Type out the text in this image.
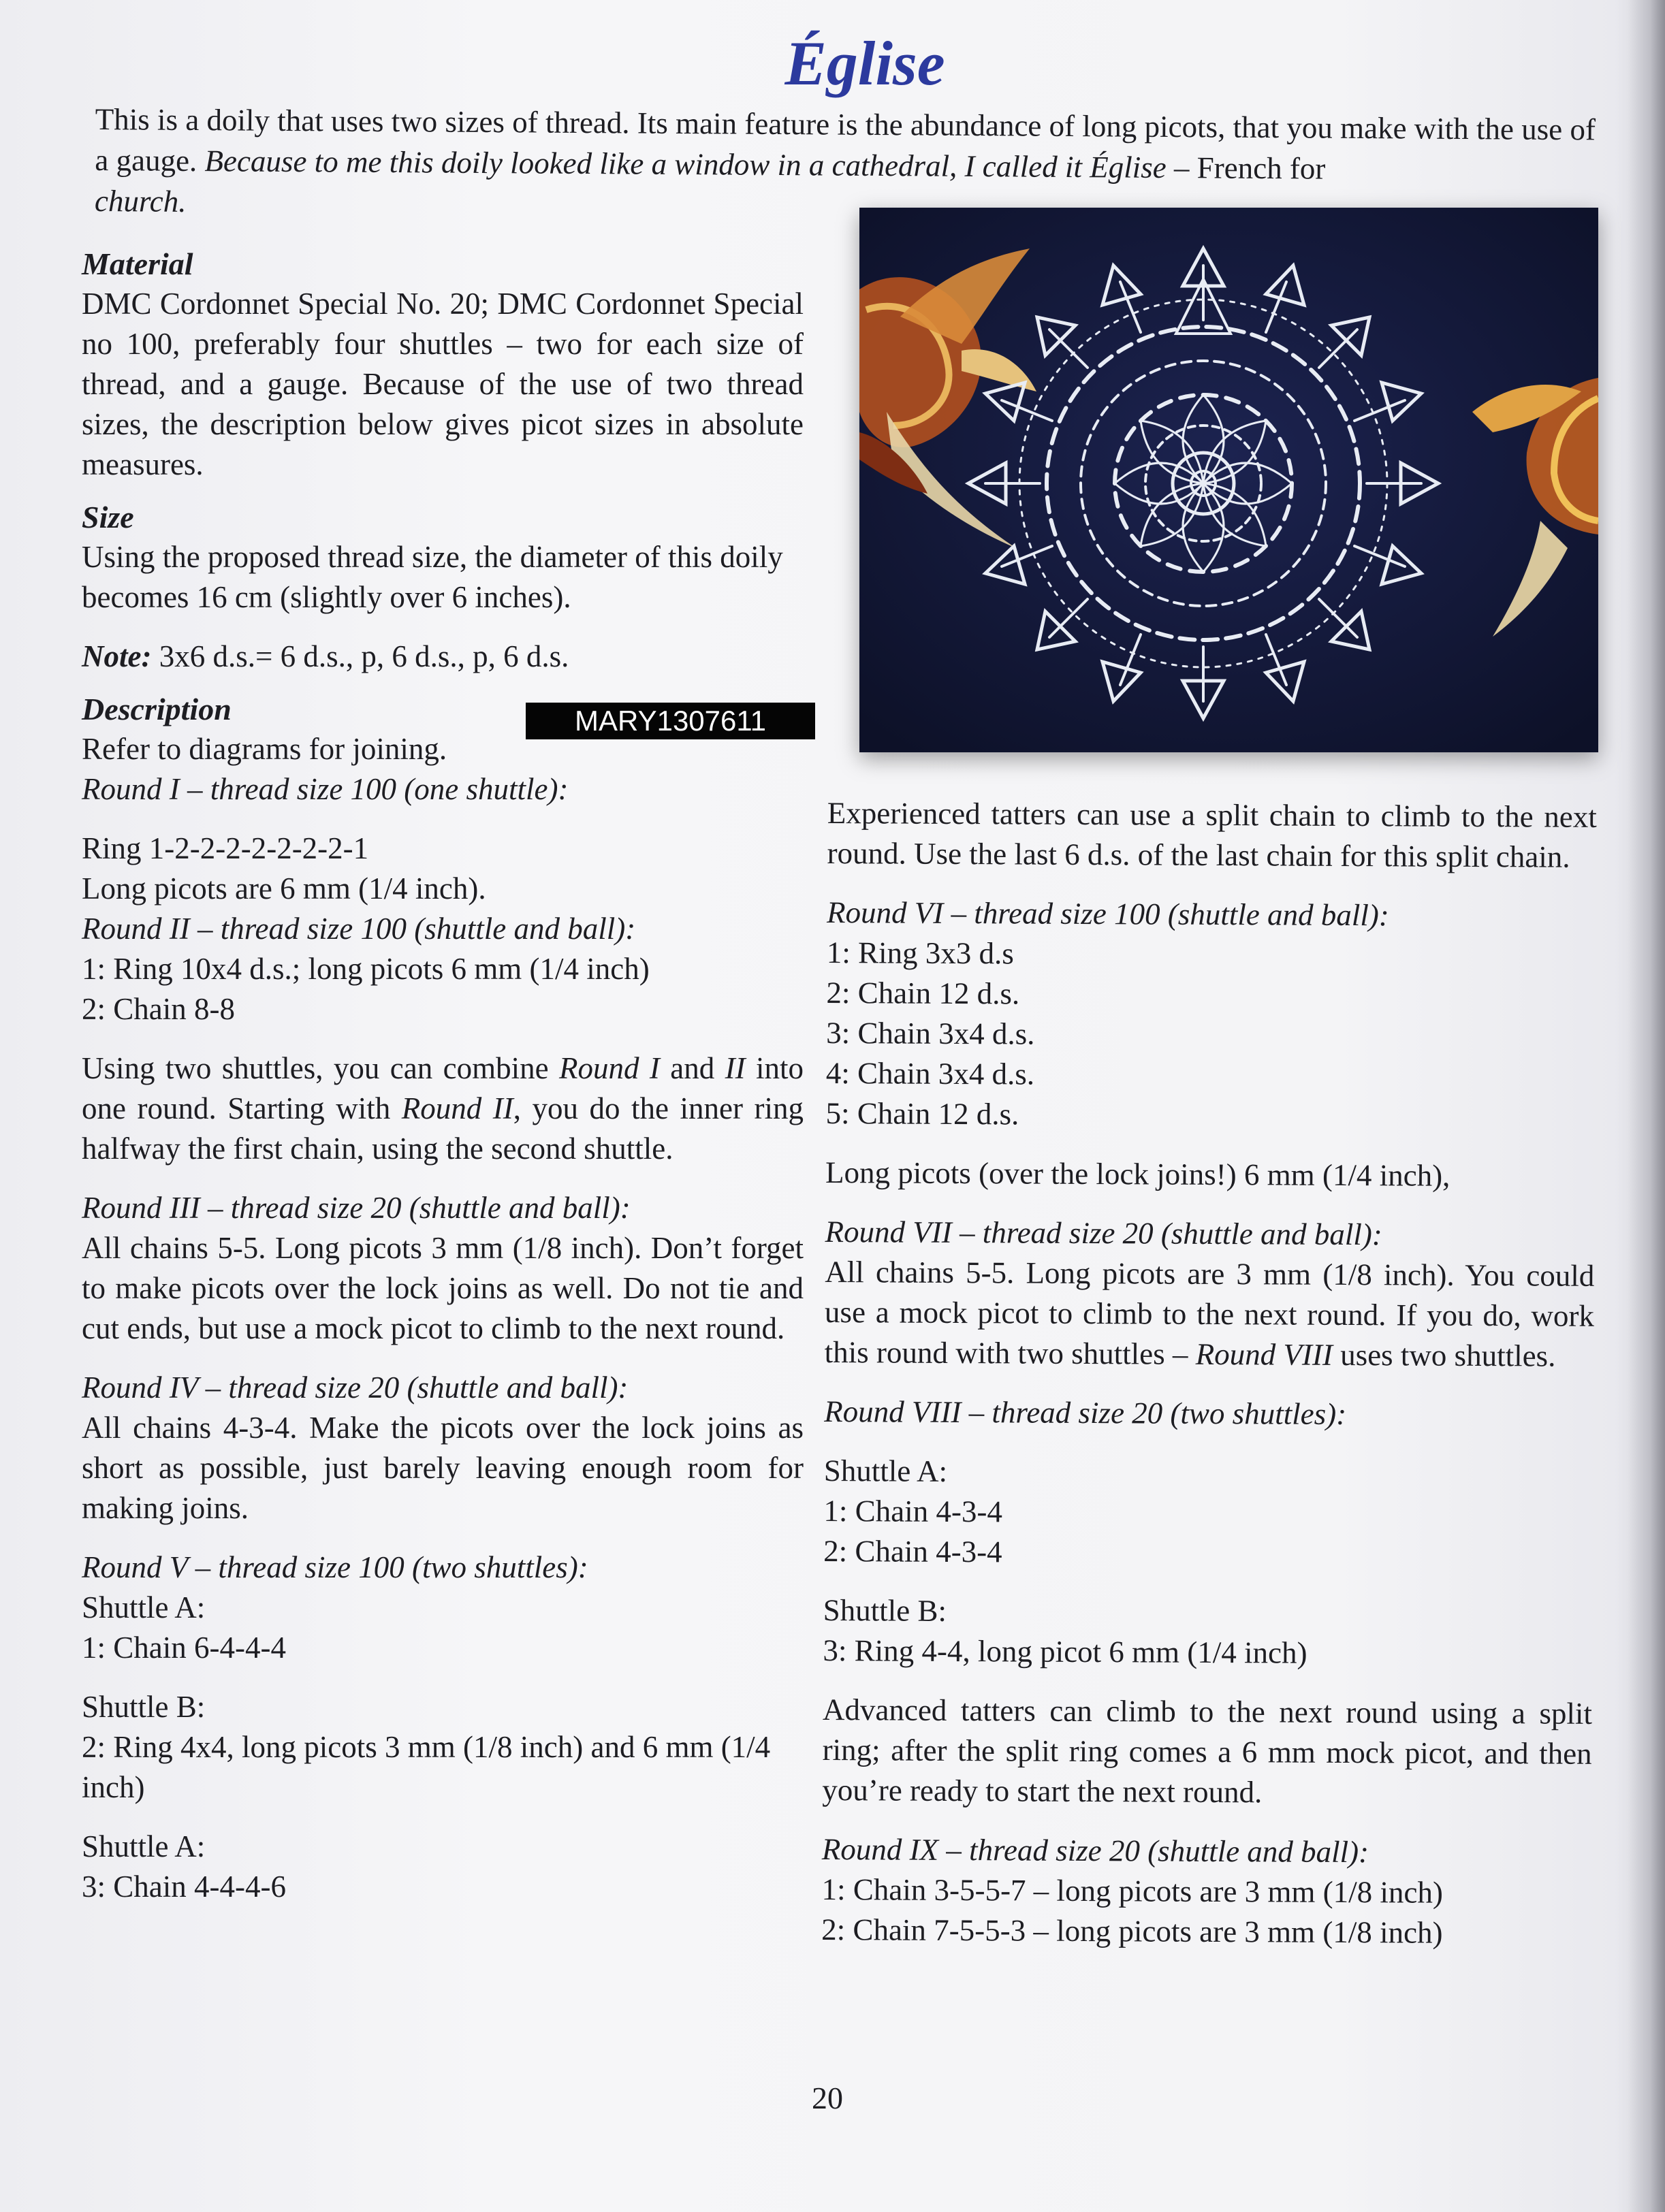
Église
This is a doily that uses two sizes of thread. Its main feature is the abundance of long picots, that you make with the use of a gauge. Because to me this doily looked like a window in a cathedral, I called it Église – French for
church.
MARY1307611
Material

DMC Cordonnet Special No. 20; DMC Cordonnet Special no 100, preferably four shuttles – two for each size of thread, and a gauge. Because of the use of two thread sizes, the description below gives picot sizes in absolute measures.

Size

Using the proposed thread size, the diameter of this doily becomes 16 cm (slightly over 6 inches).

Note: 3x6 d.s.= 6 d.s., p, 6 d.s., p, 6 d.s.

Description

Refer to diagrams for joining.

Round I – thread size 100 (one shuttle):

Ring 1-2-2-2-2-2-2-2-1

Long picots are 6 mm (1/4 inch).

Round II – thread size 100 (shuttle and ball):

1: Ring 10x4 d.s.; long picots 6 mm (1/4 inch)

2: Chain 8-8

Using two shuttles, you can combine Round I and II into one round. Starting with Round II, you do the inner ring halfway the first chain, using the second shuttle.

Round III – thread size 20 (shuttle and ball):

All chains 5-5. Long picots 3 mm (1/8 inch). Don’t forget to make picots over the lock joins as well. Do not tie and cut ends, but use a mock picot to climb to the next round.

Round IV – thread size 20 (shuttle and ball):

All chains 4-3-4. Make the picots over the lock joins as short as possible, just barely leaving enough room for making joins.

Round V – thread size 100 (two shuttles):

Shuttle A:

1: Chain 6-4-4-4

Shuttle B:

2: Ring 4x4, long picots 3 mm (1/8 inch) and 6 mm (1/4 inch)

Shuttle A:

3: Chain 4-4-4-6

Experienced tatters can use a split chain to climb to the next round. Use the last 6 d.s. of the last chain for this split chain.

Round VI – thread size 100 (shuttle and ball):

1: Ring 3x3 d.s

2: Chain 12 d.s.

3: Chain 3x4 d.s.

4: Chain 3x4 d.s.

5: Chain 12 d.s.

Long picots (over the lock joins!) 6 mm (1/4 inch),

Round VII – thread size 20 (shuttle and ball):

All chains 5-5. Long picots are 3 mm (1/8 inch). You could use a mock picot to climb to the next round. If you do, work this round with two shuttles – Round VIII uses two shuttles.

Round VIII – thread size 20 (two shuttles):

Shuttle A:

1: Chain 4-3-4

2: Chain 4-3-4

Shuttle B:

3: Ring 4-4, long picot 6 mm (1/4 inch)

Advanced tatters can climb to the next round using a split ring; after the split ring comes a 6 mm mock picot, and then you’re ready to start the next round.

Round IX – thread size 20 (shuttle and ball):

1: Chain 3-5-5-7 – long picots are 3 mm (1/8 inch)

2: Chain 7-5-5-3 – long picots are 3 mm (1/8 inch)

20
